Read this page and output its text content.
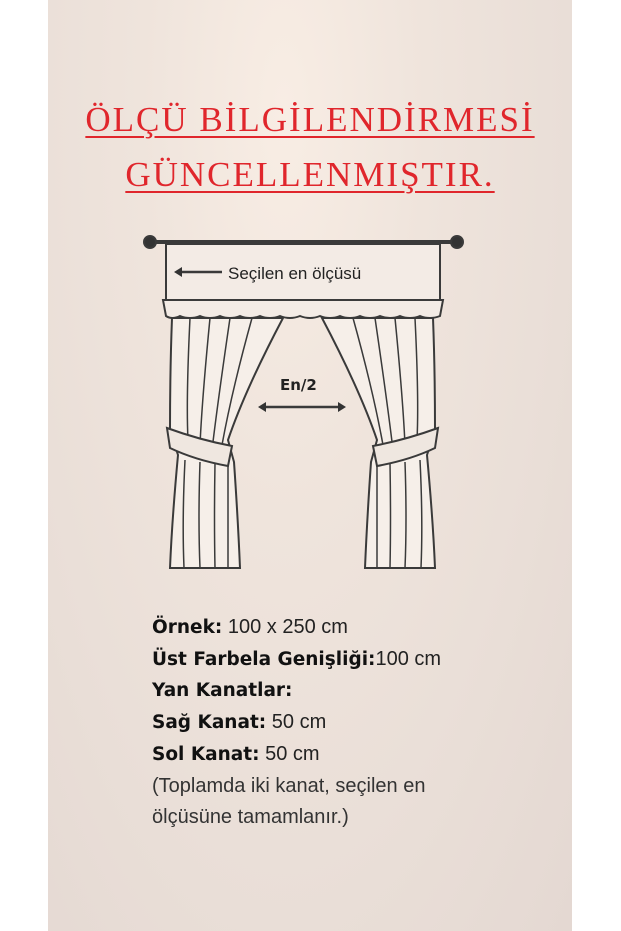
ÖLÇÜ BİLGİLENDİRMESİ
GÜNCELLENMIŞTIR.
Seçilen en ölçüsü
En/2
Örnek: 100 x 250 cm
Üst Farbela Genişliği:100 cm
Yan Kanatlar:
Sağ Kanat: 50 cm
Sol Kanat: 50 cm
(Toplamda iki kanat, seçilen en
ölçüsüne tamamlanır.)
